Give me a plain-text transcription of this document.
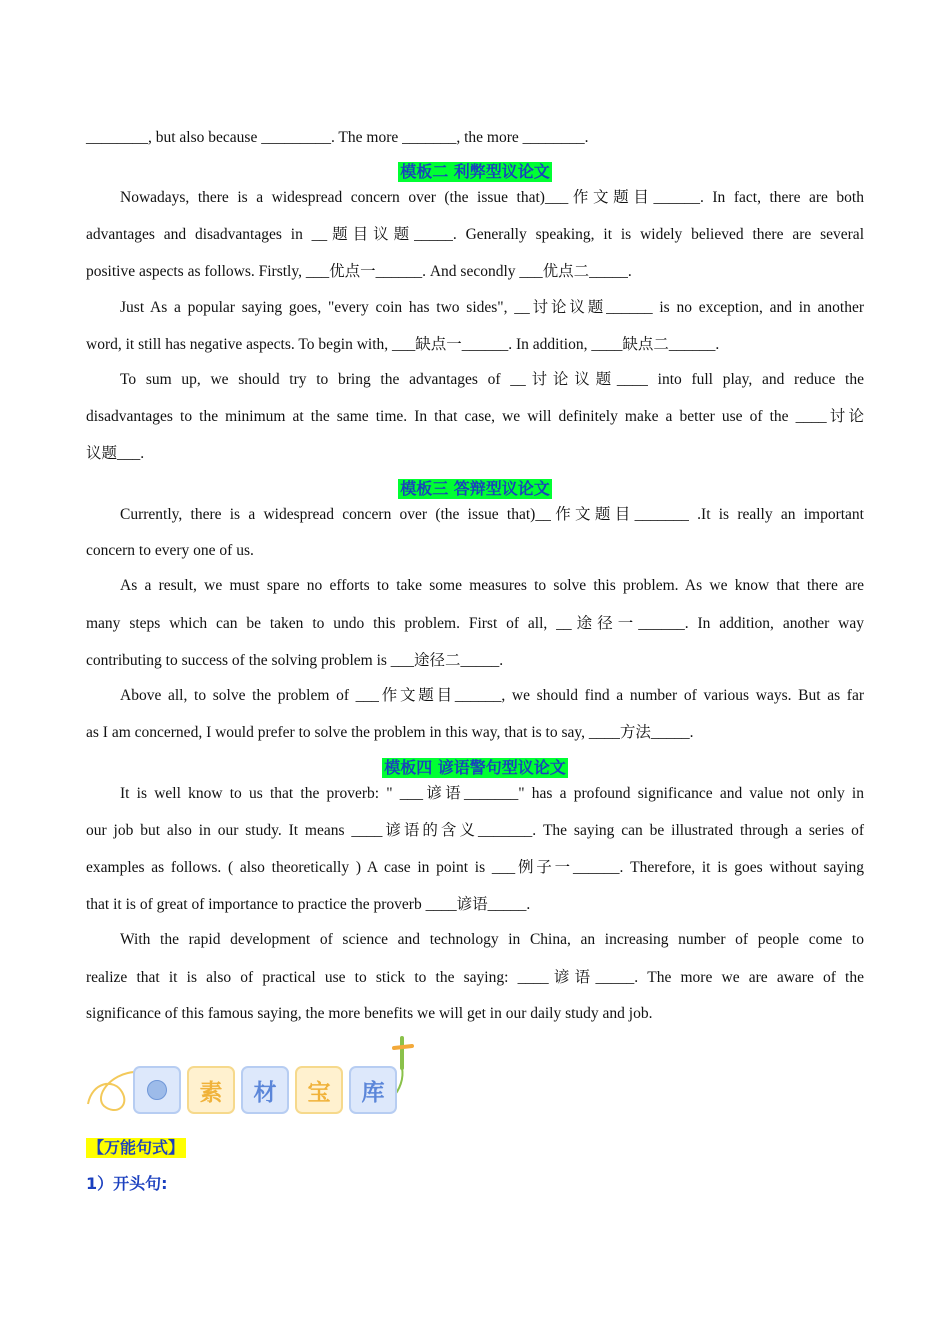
________, but also because _________. The more _______, the more ________.
模板二 利弊型议论文
Nowadays, there is a widespread concern over (the issue that)___作文题目______. In fact, there are both
advantages and disadvantages in __题目议题_____. Generally speaking, it is widely believed there are several
positive aspects as follows. Firstly, ___优点一______. And secondly ___优点二_____.
Just As a popular saying goes, "every coin has two sides", __讨论议题______ is no exception, and in another
word, it still has negative aspects. To begin with, ___缺点一______. In addition, ____缺点二______.
To sum up, we should try to bring the advantages of __讨论议题____ into full play, and reduce the
disadvantages to the minimum at the same time. In that case, we will definitely make a better use of the ____讨论
议题___.
模板三 答辩型议论文
Currently, there is a widespread concern over (the issue that)__作文题目_______ .It is really an important
concern to every one of us.
As a result, we must spare no efforts to take some measures to solve this problem. As we know that there are
many steps which can be taken to undo this problem. First of all, __途径一______. In addition, another way
contributing to success of the solving problem is ___途径二_____.
Above all, to solve the problem of ___作文题目______, we should find a number of various ways. But as far
as I am concerned, I would prefer to solve the problem in this way, that is to say, ____方法_____.
模板四 谚语警句型议论文
It is well know to us that the proverb: " ___谚语_______" has a profound significance and value not only in
our job but also in our study. It means ____谚语的含义_______. The saying can be illustrated through a series of
examples as follows. ( also theoretically ) A case in point is ___例子一______. Therefore, it is goes without saying
that it is of great of importance to practice the proverb ____谚语_____.
With the rapid development of science and technology in China, an increasing number of people come to
realize that it is also of practical use to stick to the saying: ____谚语_____. The more we are aware of the
significance of this famous saying, the more benefits we will get in our daily study and job.
素	材	宝	库
【万能句式】
1）开头句:
